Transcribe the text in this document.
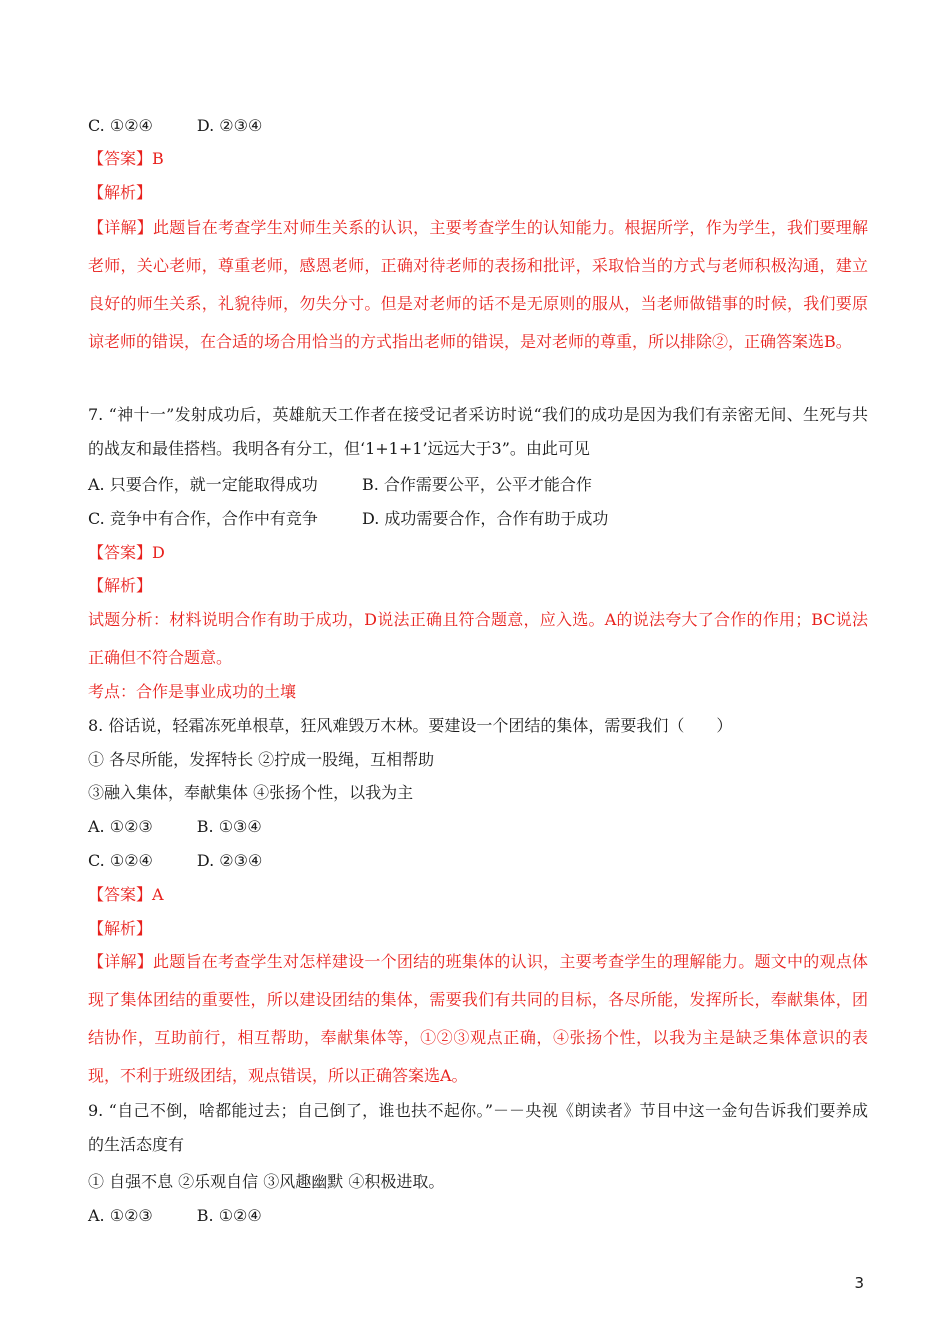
C. ①②④	D. ②③④
【答案】B
【解析】
【详解】此题旨在考查学生对师生关系的认识，主要考查学生的认知能力。根据所学，作为学生，我们要理解老师，关心老师，尊重老师，感恩老师，正确对待老师的表扬和批评，采取恰当的方式与老师积极沟通，建立良好的师生关系，礼貌待师，勿失分寸。但是对老师的话不是无原则的服从，当老师做错事的时候，我们要原谅老师的错误，在合适的场合用恰当的方式指出老师的错误，是对老师的尊重，所以排除②，正确答案选B。
7. “神十一”发射成功后，英雄航天工作者在接受记者采访时说“我们的成功是因为我们有亲密无间、生死与共的战友和最佳搭档。我明各有分工，但‘1+1+1’远远大于3”。由此可见
A. 只要合作，就一定能取得成功	B. 合作需要公平，公平才能合作
C. 竞争中有合作，合作中有竞争	D. 成功需要合作，合作有助于成功
【答案】D
【解析】
试题分析：材料说明合作有助于成功，D说法正确且符合题意，应入选。A的说法夸大了合作的作用；BC说法正确但不符合题意。
考点：合作是事业成功的土壤
8. 俗话说，轻霜冻死单根草，狂风难毁万木林。要建设一个团结的集体，需要我们（　　）
① 各尽所能，发挥特长 ②拧成一股绳，互相帮助
③融入集体，奉献集体 ④张扬个性，以我为主
A. ①②③	B. ①③④
C. ①②④	D. ②③④
【答案】A
【解析】
【详解】此题旨在考查学生对怎样建设一个团结的班集体的认识，主要考查学生的理解能力。题文中的观点体现了集体团结的重要性，所以建设团结的集体，需要我们有共同的目标，各尽所能，发挥所长，奉献集体，团结协作，互助前行，相互帮助，奉献集体等，①②③观点正确，④张扬个性，以我为主是缺乏集体意识的表现，不利于班级团结，观点错误，所以正确答案选A。
9. “自己不倒，啥都能过去；自己倒了，谁也扶不起你。”－－央视《朗读者》节目中这一金句告诉我们要养成的生活态度有
① 自强不息 ②乐观自信 ③风趣幽默 ④积极进取。
A. ①②③	B. ①②④
3
